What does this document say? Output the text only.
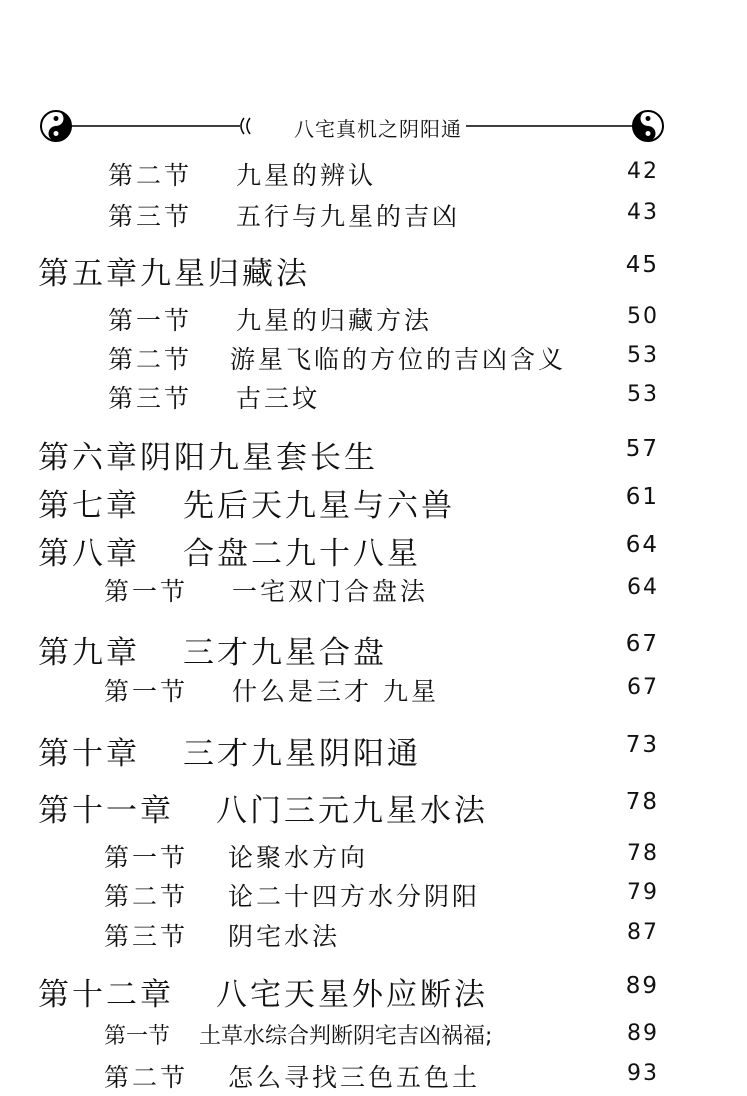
八宅真机之阴阳通
第二节 九星的辨认	42
第三节 五行与九星的吉凶	43
第五章九星归藏法	45
第一节 九星的归藏方法	50
第二节 游星飞临的方位的吉凶含义	53
第三节 古三坟	53
第六章阴阳九星套长生	57
第七章 先后天九星与六兽	61
第八章 合盘二九十八星	64
第一节 一宅双门合盘法	64
第九章 三才九星合盘	67
第一节 什么是三才 九星	67
第十章 三才九星阴阳通	73
第十一章 八门三元九星水法	78
第一节 论聚水方向	78
第二节 论二十四方水分阴阳	79
第三节 阴宅水法	87
第十二章 八宅天星外应断法	89
第一节 土草水综合判断阴宅吉凶祸福;	89
第二节 怎么寻找三色五色土	93
